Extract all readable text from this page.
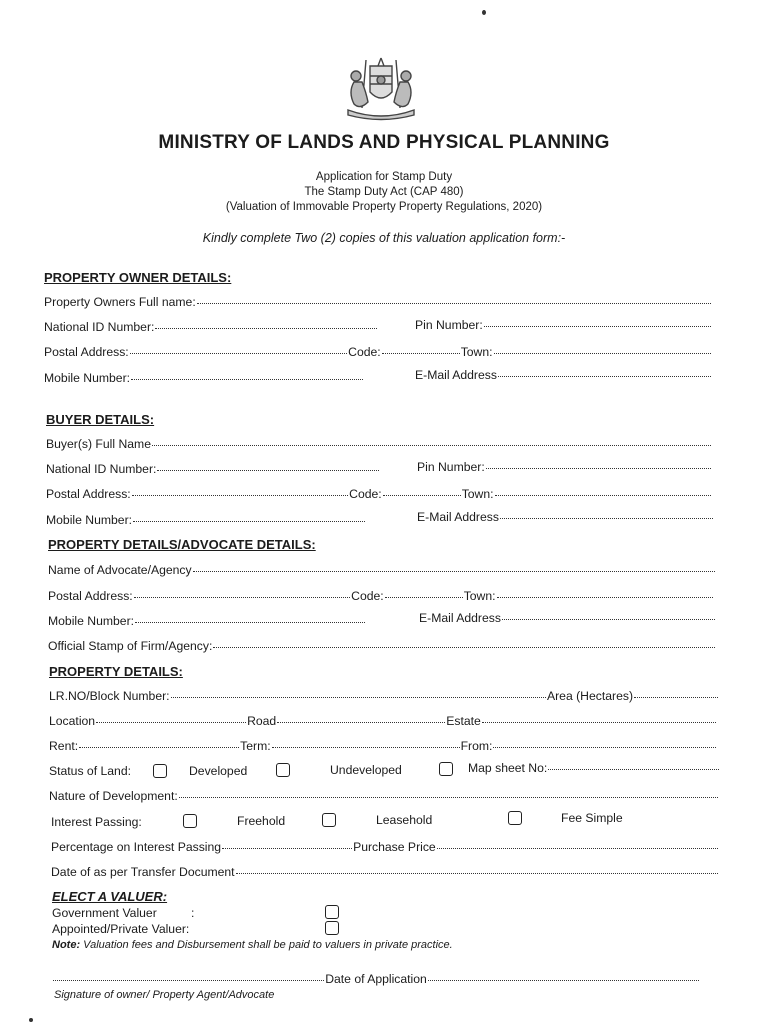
MINISTRY OF LANDS AND PHYSICAL PLANNING
Application for Stamp Duty
The Stamp Duty Act (CAP 480)
(Valuation of Immovable Property Property Regulations, 2020)
Kindly complete Two (2) copies of this valuation application form:-
PROPERTY OWNER DETAILS:
Property Owners Full name:
National ID Number:	Pin Number:
Postal Address:	Code:	Town:
Mobile Number:	E-Mail Address
BUYER DETAILS:
Buyer(s) Full Name
National ID Number:	Pin Number:
Postal Address:	Code:	Town:
Mobile Number:	E-Mail Address
PROPERTY DETAILS/ADVOCATE DETAILS:
Name of Advocate/Agency
Postal Address:	Code:	Town:
Mobile Number:	E-Mail Address
Official Stamp of Firm/Agency:
PROPERTY DETAILS:
LR.NO/Block Number:	Area (Hectares)
Location	Road	Estate
Rent:	Term:	From:
Status of Land:	Developed	Undeveloped	Map sheet No:
Nature of Development:
Interest Passing:	Freehold	Leasehold	Fee Simple
Percentage on Interest Passing	Purchase Price
Date of as per Transfer Document
ELECT A VALUER:
Government Valuer	:
Appointed/Private Valuer:
Note: Valuation fees and Disbursement shall be paid to valuers in private practice.
Date of Application
Signature of owner/ Property Agent/Advocate
